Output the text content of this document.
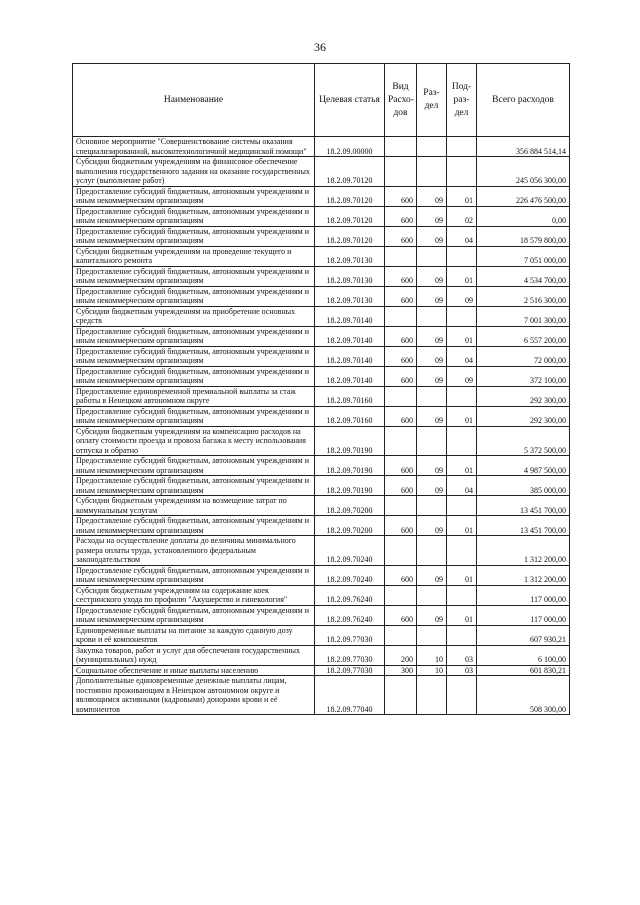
36
Наименование	Целевая статья	Вид Расхо-дов	Раз-дел	Под-раз-дел	Всего расходов
Основное мероприятие "Совершенствование системы оказания специализированной, высокотехнологичной медицинской помощи"	18.2.09.00000				356 884 514,14
Субсидии бюджетным учреждениям на финансовое обеспечение выполнения государственного задания на оказание государственных услуг (выполнение работ)	18.2.09.70120				245 056 300,00
Предоставление субсидий бюджетным, автономным учреждениям и иным некоммерческим организациям	18.2.09.70120	600	09	01	226 476 500,00
Предоставление субсидий бюджетным, автономным учреждениям и иным некоммерческим организациям	18.2.09.70120	600	09	02	0,00
Предоставление субсидий бюджетным, автономным учреждениям и иным некоммерческим организациям	18.2.09.70120	600	09	04	18 579 800,00
Субсидии бюджетным учреждениям на проведение текущего и капитального ремонта	18.2.09.70130				7 051 000,00
Предоставление субсидий бюджетным, автономным учреждениям и иным некоммерческим организациям	18.2.09.70130	600	09	01	4 534 700,00
Предоставление субсидий бюджетным, автономным учреждениям и иным некоммерческим организациям	18.2.09.70130	600	09	09	2 516 300,00
Субсидии бюджетным учреждениям на приобретение основных средств	18.2.09.70140				7 001 300,00
Предоставление субсидий бюджетным, автономным учреждениям и иным некоммерческим организациям	18.2.09.70140	600	09	01	6 557 200,00
Предоставление субсидий бюджетным, автономным учреждениям и иным некоммерческим организациям	18.2.09.70140	600	09	04	72 000,00
Предоставление субсидий бюджетным, автономным учреждениям и иным некоммерческим организациям	18.2.09.70140	600	09	09	372 100,00
Предоставление единовременной премиальной выплаты за стаж работы в Ненецком автономном округе	18.2.09.70160				292 300,00
Предоставление субсидий бюджетным, автономным учреждениям и иным некоммерческим организациям	18.2.09.70160	600	09	01	292 300,00
Субсидии бюджетным учреждениям на компенсацию расходов на оплату стоимости проезда и провоза багажа к месту использования отпуска и обратно	18.2.09.70190				5 372 500,00
Предоставление субсидий бюджетным, автономным учреждениям и иным некоммерческим организациям	18.2.09.70190	600	09	01	4 987 500,00
Предоставление субсидий бюджетным, автономным учреждениям и иным некоммерческим организациям	18.2.09.70190	600	09	04	385 000,00
Субсидии бюджетным учреждениям на возмещение затрат по коммунальным услугам	18.2.09.70200				13 451 700,00
Предоставление субсидий бюджетным, автономным учреждениям и иным некоммерческим организациям	18.2.09.70200	600	09	01	13 451 700,00
Расходы на осуществление доплаты до величины минимального размера оплаты труда, установленного федеральным законодательством	18.2.09.70240				1 312 200,00
Предоставление субсидий бюджетным, автономным учреждениям и иным некоммерческим организациям	18.2.09.70240	600	09	01	1 312 200,00
Субсидия бюджетным учреждениям на содержание коек сестринского ухода по профилю "Акушерство и гинекология"	18.2.09.76240				117 000,00
Предоставление субсидий бюджетным, автономным учреждениям и иным некоммерческим организациям	18.2.09.76240	600	09	01	117 000,00
Единовременные выплаты на питание за каждую сданную дозу крови и её компонентов	18.2.09.77030				607 930,21
Закупка товаров, работ и услуг для обеспечения государственных (муниципальных) нужд	18.2.09.77030	200	10	03	6 100,00
Социальное обеспечение и иные выплаты населению	18.2.09.77030	300	10	03	601 830,21
Дополнительные единовременные денежные выплаты лицам, постоянно проживающим в Ненецком автономном округе и являющимся активными (кадровыми) донорами крови и её компонентов	18.2.09.77040				508 300,00
